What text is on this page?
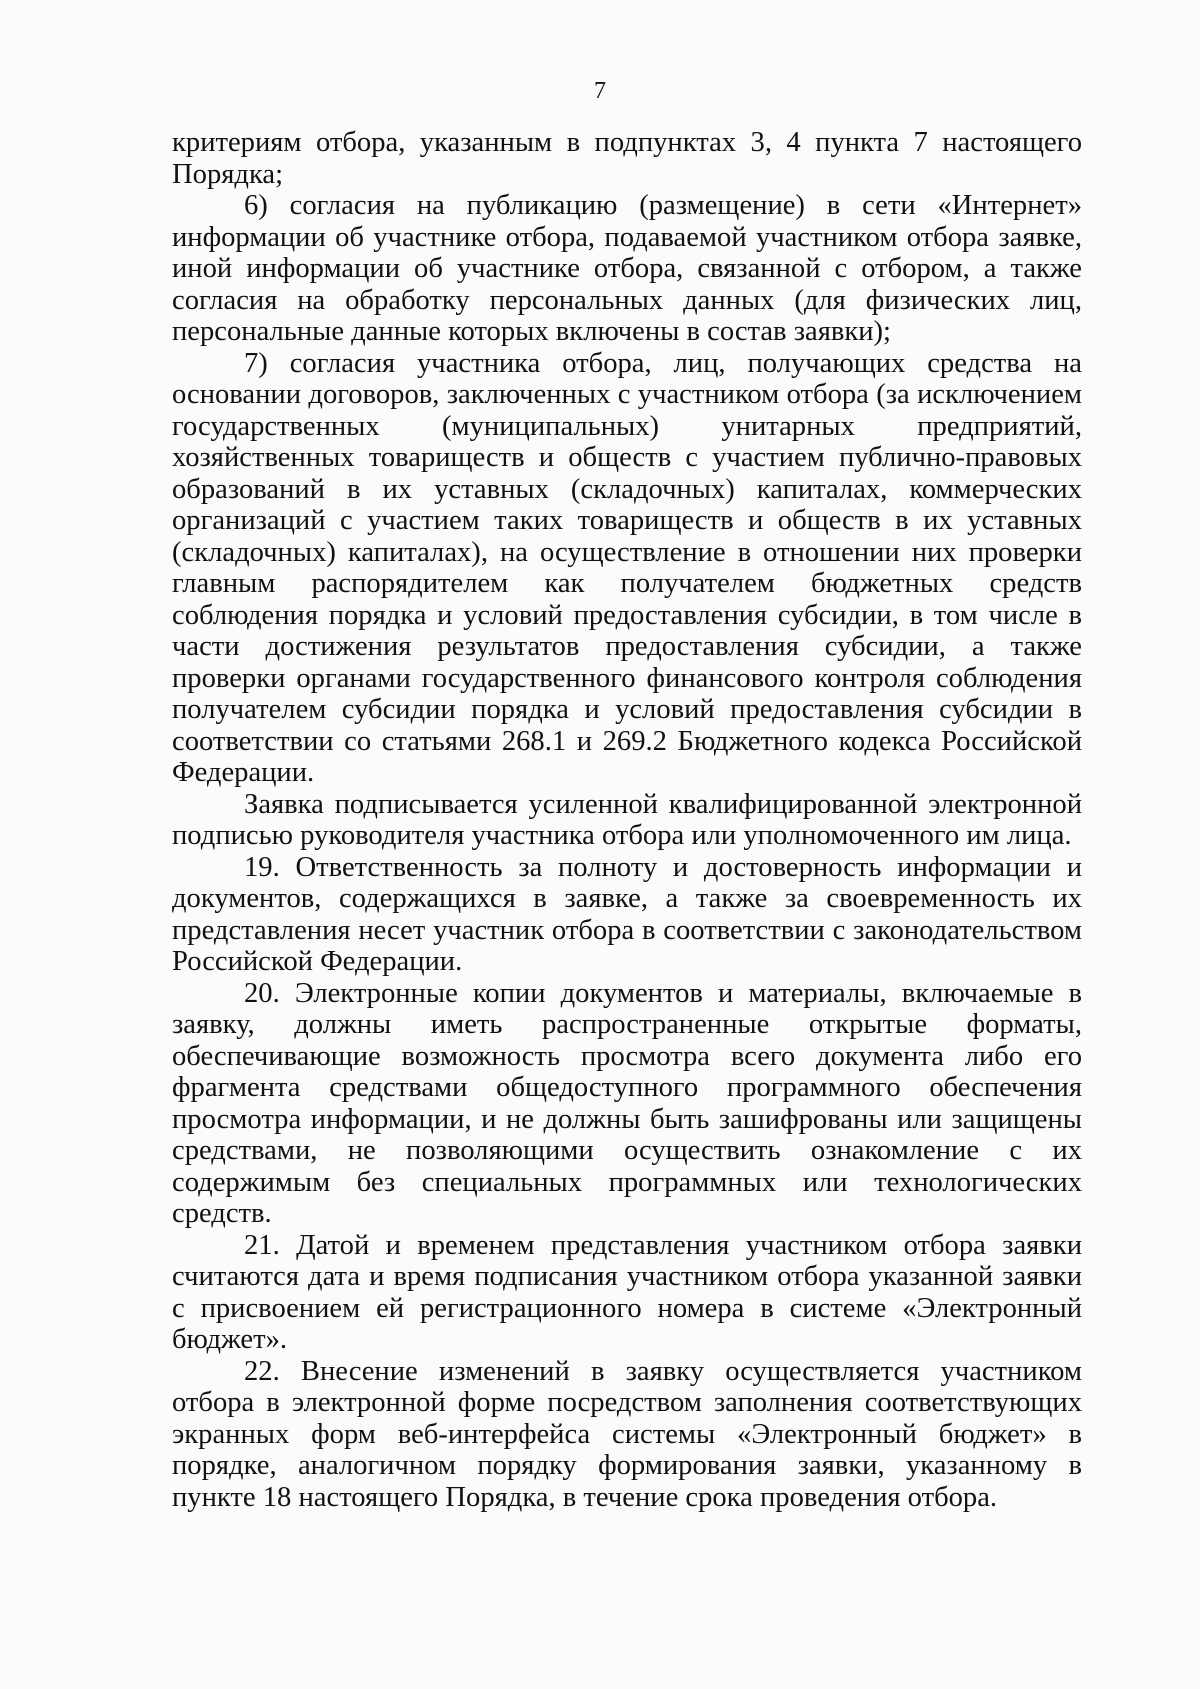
7

критериям отбора, указанным в подпунктах 3, 4 пункта 7 настоящего Порядка;

6) согласия на публикацию (размещение) в сети «Интернет» информации об участнике отбора, подаваемой участником отбора заявке, иной информации об участнике отбора, связанной с отбором, а также согласия на обработку персональных данных (для физических лиц, персональные данные которых включены в состав заявки);

7) согласия участника отбора, лиц, получающих средства на основании договоров, заключенных с участником отбора (за исключением государственных (муниципальных) унитарных предприятий, хозяйственных товариществ и обществ с участием публично-правовых образований в их уставных (складочных) капиталах, коммерческих организаций с участием таких товариществ и обществ в их уставных (складочных) капиталах), на осуществление в отношении них проверки главным распорядителем как получателем бюджетных средств соблюдения порядка и условий предоставления субсидии, в том числе в части достижения результатов предоставления субсидии, а также проверки органами государственного финансового контроля соблюдения получателем субсидии порядка и условий предоставления субсидии в соответствии со статьями 268.1 и 269.2 Бюджетного кодекса Российской Федерации.

Заявка подписывается усиленной квалифицированной электронной подписью руководителя участника отбора или уполномоченного им лица.

19. Ответственность за полноту и достоверность информации и документов, содержащихся в заявке, а также за своевременность их представления несет участник отбора в соответствии с законодательством Российской Федерации.

20. Электронные копии документов и материалы, включаемые в заявку, должны иметь распространенные открытые форматы, обеспечивающие возможность просмотра всего документа либо его фрагмента средствами общедоступного программного обеспечения просмотра информации, и не должны быть зашифрованы или защищены средствами, не позволяющими осуществить ознакомление с их содержимым без специальных программных или технологических средств.

21. Датой и временем представления участником отбора заявки считаются дата и время подписания участником отбора указанной заявки с присвоением ей регистрационного номера в системе «Электронный бюджет».

22. Внесение изменений в заявку осуществляется участником отбора в электронной форме посредством заполнения соответствующих экранных форм веб-интерфейса системы «Электронный бюджет» в порядке, аналогичном порядку формирования заявки, указанному в пункте 18 настоящего Порядка, в течение срока проведения отбора.
